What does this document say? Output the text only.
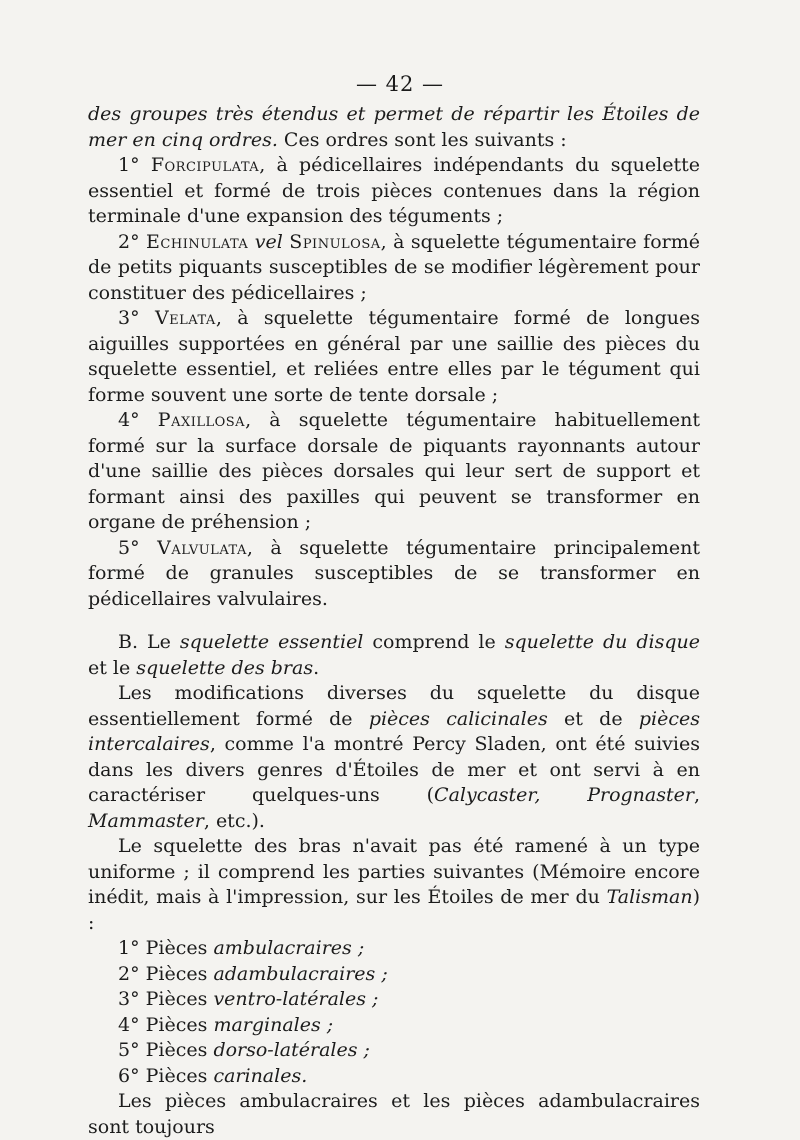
— 42 —

des groupes très étendus et permet de répartir les Étoiles de mer en cinq ordres. Ces ordres sont les suivants :

1° Forcipulata, à pédicellaires indépendants du squelette essentiel et formé de trois pièces contenues dans la région terminale d'une expansion des téguments ;

2° Echinulata vel Spinulosa, à squelette tégumentaire formé de petits piquants susceptibles de se modifier légèrement pour constituer des pédicellaires ;

3° Velata, à squelette tégumentaire formé de longues aiguilles supportées en général par une saillie des pièces du squelette essentiel, et reliées entre elles par le tégument qui forme souvent une sorte de tente dorsale ;

4° Paxillosa, à squelette tégumentaire habituellement formé sur la surface dorsale de piquants rayonnants autour d'une saillie des pièces dorsales qui leur sert de support et formant ainsi des paxilles qui peuvent se transformer en organe de préhension ;

5° Valvulata, à squelette tégumentaire principalement formé de granules susceptibles de se transformer en pédicellaires valvulaires.

B. Le squelette essentiel comprend le squelette du disque et le squelette des bras.

Les modifications diverses du squelette du disque essentiellement formé de pièces calicinales et de pièces intercalaires, comme l'a montré Percy Sladen, ont été suivies dans les divers genres d'Étoiles de mer et ont servi à en caractériser quelques-uns (Calycaster, Prognaster, Mammaster, etc.).

Le squelette des bras n'avait pas été ramené à un type uniforme ; il comprend les parties suivantes (Mémoire encore inédit, mais à l'impression, sur les Étoiles de mer du Talisman) :

1° Pièces ambulacraires ;

2° Pièces adambulacraires ;

3° Pièces ventro-latérales ;

4° Pièces marginales ;

5° Pièces dorso-latérales ;

6° Pièces carinales.

Les pièces ambulacraires et les pièces adambulacraires sont toujours
